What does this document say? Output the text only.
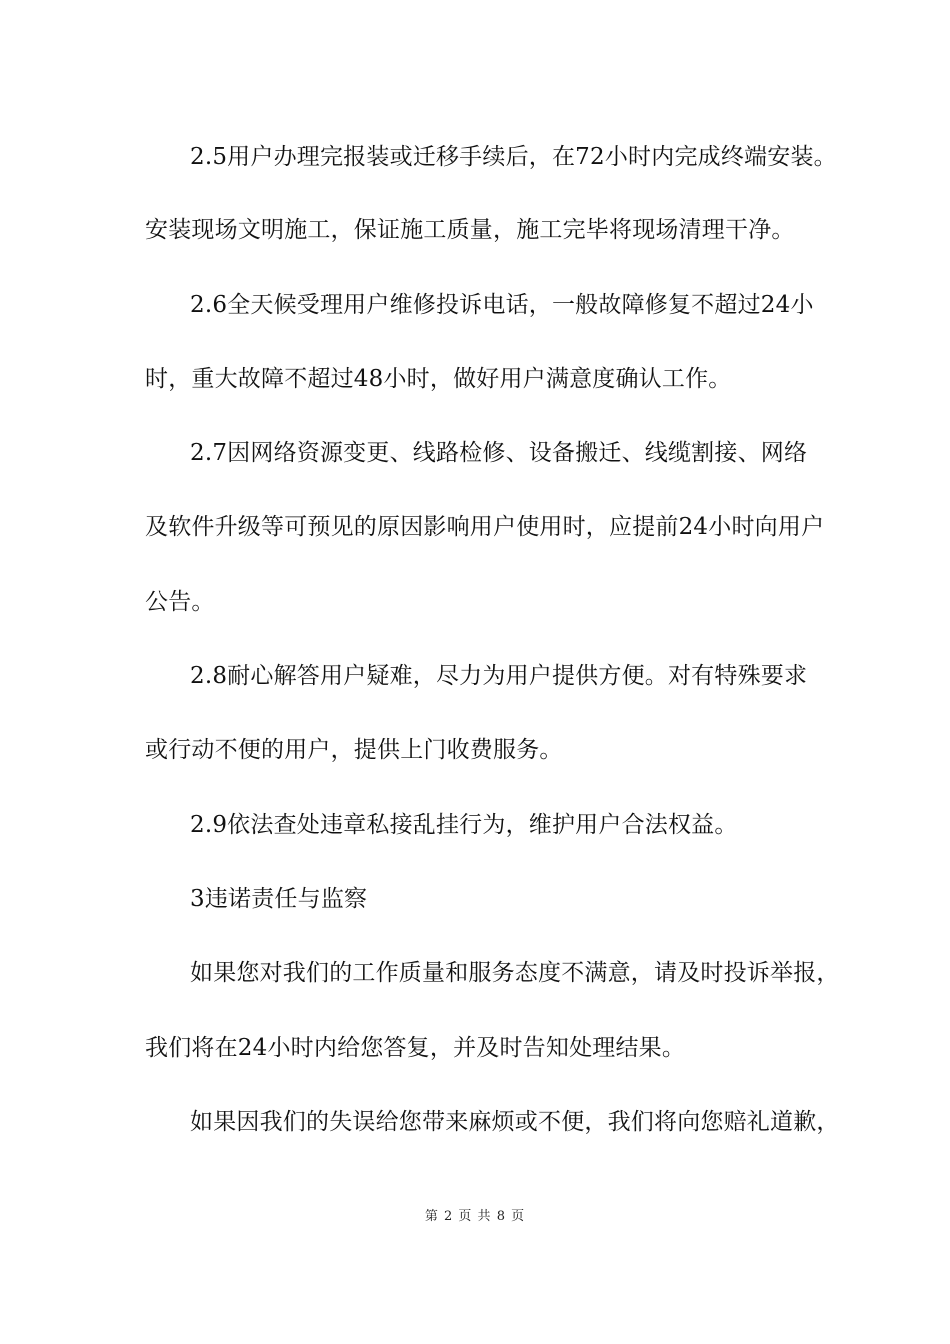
2.5用户办理完报装或迁移手续后，在72小时内完成终端安装。
安装现场文明施工，保证施工质量，施工完毕将现场清理干净。
2.6全天候受理用户维修投诉电话，一般故障修复不超过24小
时，重大故障不超过48小时，做好用户满意度确认工作。
2.7因网络资源变更、线路检修、设备搬迁、线缆割接、网络
及软件升级等可预见的原因影响用户使用时，应提前24小时向用户
公告。
2.8耐心解答用户疑难，尽力为用户提供方便。对有特殊要求
或行动不便的用户，提供上门收费服务。
2.9依法查处违章私接乱挂行为，维护用户合法权益。
3违诺责任与监察
如果您对我们的工作质量和服务态度不满意，请及时投诉举报，
我们将在24小时内给您答复，并及时告知处理结果。
如果因我们的失误给您带来麻烦或不便，我们将向您赔礼道歉，
第 2 页 共 8 页
